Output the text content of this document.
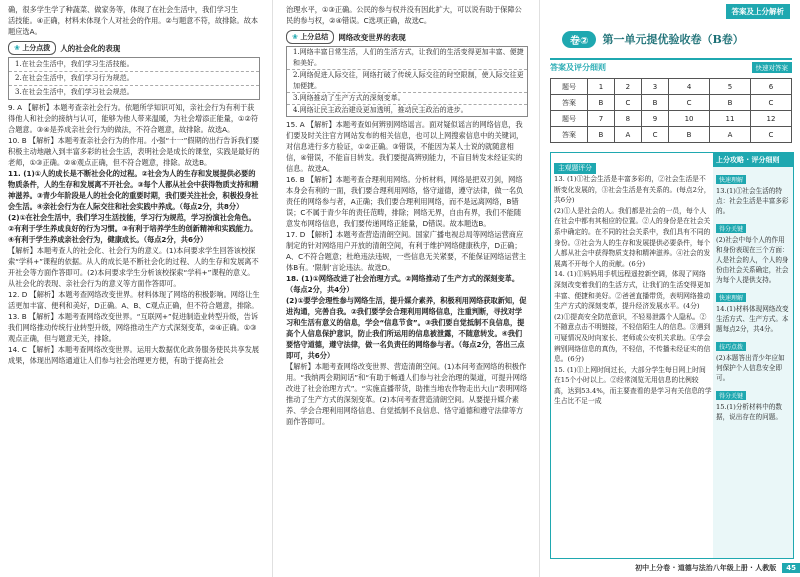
确，很多学生学了种蔬菜、做家务等，体现了在社会生活中，我们学习生

活技能。④正确，材料未体现个人对社会的作用。②与题意不符，故排除。故本题应选A。

❀ 上分点拨	人的社会化的表现
1.在社会生活中，我们学习生活技能。
2.在社会生活中，我们学习行为规范。
3.在社会生活中，我们学习社会规范。

9. A 【解析】本题考查亲社会行为。依题所学知识可知，亲社会行为有利于获得他人和社会的接纳与认可，能够为他人带来温暖，为社会增添正能量，①②符合题意。③④是养成亲社会行为的做法，不符合题意，故排除。故选A。

10. B 【解析】本题考查亲社会行为的作用。小强“十一”假期的出行告诉我们要积极主动地融入到丰富多彩的社会生活，表明社会是成长的课堂，实践是最好的老师，①③正确。②④观点正确，但不符合题意，排除。故选B。

11. (1)①人的成长是不断社会化的过程。②社会为人的生存和发展提供必要的物质条件，人的生存和发展离不开社会。③每个人都从社会中获得物质支持和精神滋养。③青少年阶段是人的社会化的重要时期，我们要关注社会，积极投身社会生活。④亲社会行为在人际交往和社会实践中养成。（每点2分，共8分）

(2)①在社会生活中，我们学习生活技能，学习行为规范，学习扮演社会角色。②有利于学生养成良好的行为习惯。③有利于培养学生的创新精神和实践能力。④有利于学生养成亲社会行为，健康成长。（每点2分，共6分）

【解析】本题考查人的社会化、社会行为的意义。(1)本问要求学生回答该校探索“学科+”课程的依据。从人的成长是不断社会化的过程、人的生存和发展离不开社会等方面作答即可。(2)本问要求学生分析该校探索“学科+”课程的意义。从社会化的表现、亲社会行为的意义等方面作答即可。

12. D 【解析】本题考查网络改变世界。材料体现了网络的积极影响。网络让生活更加丰富、便利和美好，D正确。A、B、C观点正确，但不符合题意，排除。

13. B 【解析】本题考查网络改变世界。“互联网+”促进制造业转型升级，告诉我们网络推动传统行业转型升级，网络推动生产方式深刻变革，②④正确。①③观点正确，但与题意无关，排除。

14. C 【解析】本题考查网络改变世界。运用大数据优化政务服务使民共享发展成果，体现出网络通道让人们参与社会治理更方便，有助于提高社会

治理水平，①③正确。公民的参与权并没有因此扩大，可以说有助于保障公民的参与权，②④错误。C选项正确，故选C。

❀ 上分总结	网络改变世界的表现
1.网络丰富日常生活，人们的生活方式，让我们的生活变得更加丰富、便捷和美好。
2.网络促进人际交往，网络打破了传统人际交往的时空限制，使人际交往更加便捷。
3.网络推动了生产方式的深刻变革。
4.网络让民主政治建设更加透明，推动民主政治的进步。

15. A 【解析】本题考查如何辨别网络谣言。面对疑似谣言的网络信息，我们要及时关注官方网站发布的相关信息，也可以上网搜索信息中的关键词，对信息进行多方验证，①②正确。③错误，不能因为某人士说的就随意相信，④错误，不能盲目转发。我们要提高辨别能力，不盲目转发未经证实的信息。故选A。

16. B 【解析】本题考查合理利用网络。分析材料，网络是把双刃剑，网络本身会有利的一面，我们要合理利用网络，恪守道德，遵守法律，做一名负责任的网络参与者，A正确；我们要合理利用网络，而不是远离网络，B错误；C不属于青少年的责任范畴，排除；网络无界，自由有界，我们不能随意发布网络信息，我们要传递网络正能量，D错误。故本题选B。

17. D 【解析】本题考查营造清朗空间。国家广播电视总局等网络运营商应制定的针对网络用户开放的清朗空间，有利于维护网络健康秩序，D正确；A、C不符合题意；杜绝违法违规，一些信息无关紧要，不能保证网络运营主体B有。‘限制’言论违法。故选D。

18. (1)①网络改进了社会治理方式。②网络推动了生产方式的深刻变革。（每点2分，共4分）

(2)①要学会理性参与网络生活，提升媒介素养，积极利用网络获取新知，促进沟通，完善自我。②我们要学会合理利用网络信息，注重判断，寻找对学习和生活有意义的信息，学会“信息节食”。③我们要自觉抵制不良信息，提高个人信息保护意识，防止我们所运用的信息被泄露，不随意转发。④我们要恪守道德，遵守法律，做一名负责任的网络参与者。（每点2分，答出三点即可，共6分）

【解析】本题考查网络改变世界、营造清朗空间。(1)本问考查网络的积极作用。“我纳两会期间话”和“有助于畅通人们参与社会治理的渠道，可提升网络改进了社会治理方式”。“实施直播带货，助推当地农作物走出大山”表明网络推动了生产方式的深刻变革。(2)本问考查营造清朗空间。从要提升媒介素养、学会合理利用网络信息、自觉抵制不良信息、恪守道德和遵守法律等方面作答即可。

答案及上分解析
卷②	第一单元提优验收卷（B卷）
答案及评分细则	快速对答案
题号	1	2	3	4	5	6
答案	B	C	B	C	B	C
题号	7	8	9	10	11	12
答案	B	A	C	B	A	C
主观题评分
13. (1)①社会生活是丰富多彩的，②社会生活是不断变化发展的，③社会生活是有关系的。(每点2分，共6分)
(2)①人是社会的人。我们都是社会的一员，每个人在社会中都有其相应的位置。②人的身份是在社会关系中确定的。在不同的社会关系中，我们具有不同的身份。③社会为人的生存和发展提供必要条件，每个人都从社会中获得物质支持和精神滋养。④社会的发展离不开每个人的贡献。(6分)
14. (1)①妈妈用手机远程遥控新空调，体现了网络深刻改变着我们的生活方式，让我们的生活变得更加丰富、便捷和美好。②爸爸直播带货，表明网络推动生产方式的深刻变革，提升经济发展水平。(4分)
(2)①提高安全防范意识，不轻易泄露个人隐私。②不随意点击不明链接，不轻信陌生人的信息。③遇到可疑情况及时向家长、老师或公安机关求助。④学会辨别网络信息的真伪，不轻信，不传播未经证实的信息。(6分)
15. (1)①上网时间过长，大部分学生每日网上时间在15个小时以上。②经常浏览无用信息的比例较高，达到53.4%，而主要查看的是学习有关信息的学生占比不足一成
上分攻略 · 评分细则
快速理解
13.(1)①社会生活的特点：社会生活是丰富多彩的。
得分关键
(2)社会中每个人的作用和身份表现在三个方面：人是社会的人，个人的身份由社会关系确定，社会为每个人提供支持。
快速理解
14.(1)材料体现网络改变生活方式、生产方式。本题每点2分，共4分。
技巧点拨
(2)本题答出青少年应如何保护个人信息安全即可。
得分关键
15.(1)分析材料中的数据，说出存在的问题。
初中上分卷 · 道德与法治八年级上册 · 人教版	45
